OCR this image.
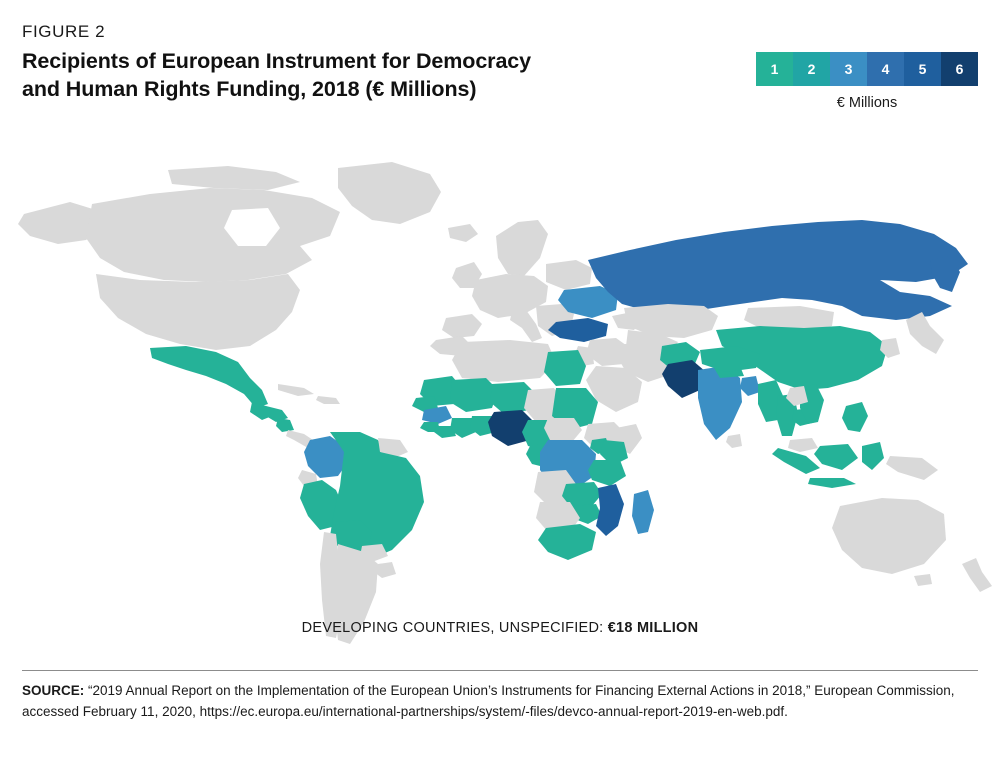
FIGURE 2
Recipients of European Instrument for Democracy
and Human Rights Funding, 2018 (€ Millions)
1	2	3	4	5	6
€ Millions
DEVELOPING COUNTRIES, UNSPECIFIED: €18 MILLION
SOURCE: “2019 Annual Report on the Implementation of the European Union’s Instruments for Financing External Actions in 2018,” European Commission, accessed February 11, 2020, https://ec.europa.eu/international-partnerships/system/-files/devco-annual-report-2019-en-web.pdf.
